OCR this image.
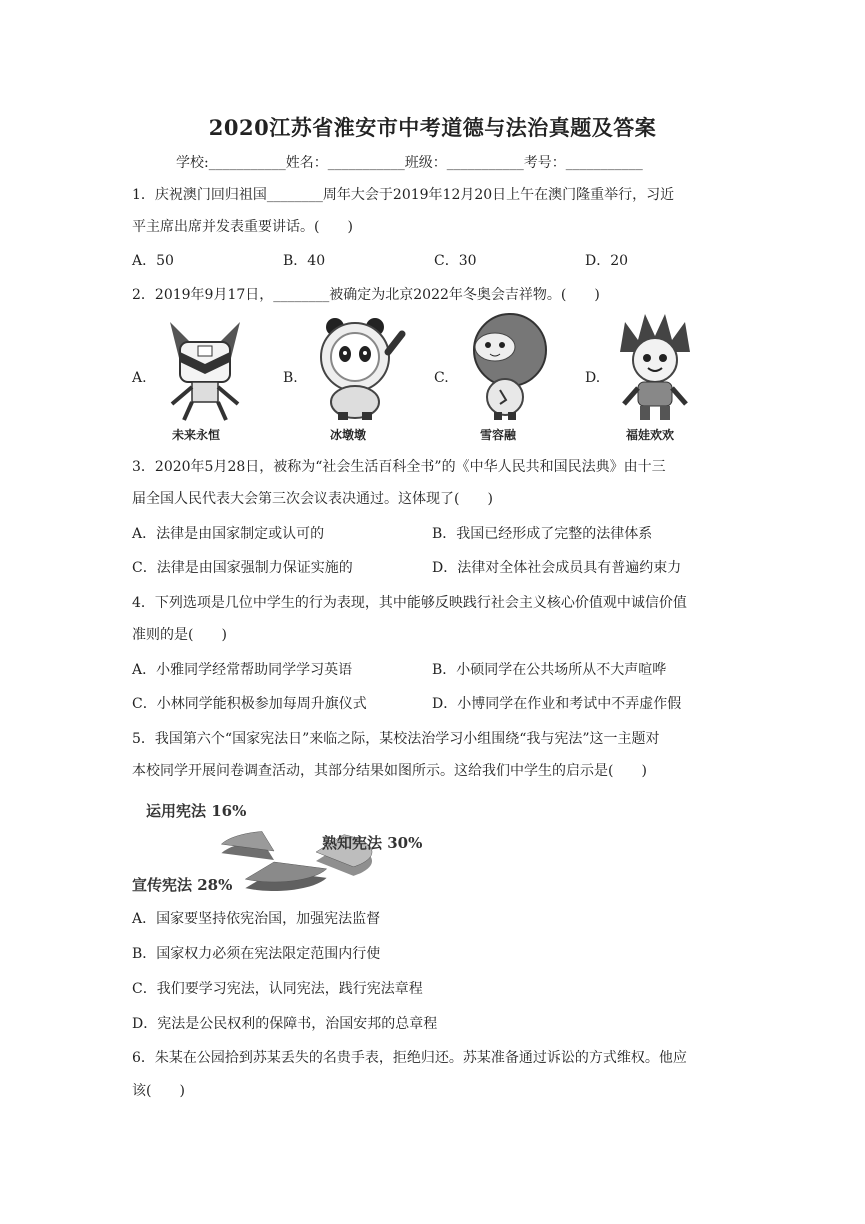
2020江苏省淮安市中考道德与法治真题及答案
学校:___________姓名：___________班级：___________考号：___________
1．庆祝澳门回归祖国________周年大会于2019年12月20日上午在澳门隆重举行，习近
平主席出席并发表重要讲话。(　　)
A．50	B．40	C．30	D．20
2．2019年9月17日，________被确定为北京2022年冬奥会吉祥物。(　　)
A.	B.	C.	D.
未来永恒	冰墩墩	雪容融	福娃欢欢
3．2020年5月28日，被称为“社会生活百科全书”的《中华人民共和国民法典》由十三
届全国人民代表大会第三次会议表决通过。这体现了(　　)
A．法律是由国家制定或认可的	B．我国已经形成了完整的法律体系
C．法律是由国家强制力保证实施的	D．法律对全体社会成员具有普遍约束力
4．下列选项是几位中学生的行为表现，其中能够反映践行社会主义核心价值观中诚信价值
准则的是(　　)
A．小雅同学经常帮助同学学习英语	B．小硕同学在公共场所从不大声喧哗
C．小林同学能积极参加每周升旗仪式	D．小博同学在作业和考试中不弄虚作假
5．我国第六个“国家宪法日”来临之际，某校法治学习小组围绕“我与宪法”这一主题对
本校同学开展问卷调查活动，其部分结果如图所示。这给我们中学生的启示是(　　)
运用宪法 16%
熟知宪法 30%
宣传宪法 28%
A．国家要坚持依宪治国，加强宪法监督
B．国家权力必须在宪法限定范围内行使
C．我们要学习宪法，认同宪法，践行宪法章程
D．宪法是公民权利的保障书，治国安邦的总章程
6．朱某在公园拾到苏某丢失的名贵手表，拒绝归还。苏某准备通过诉讼的方式维权。他应
该(　　)
